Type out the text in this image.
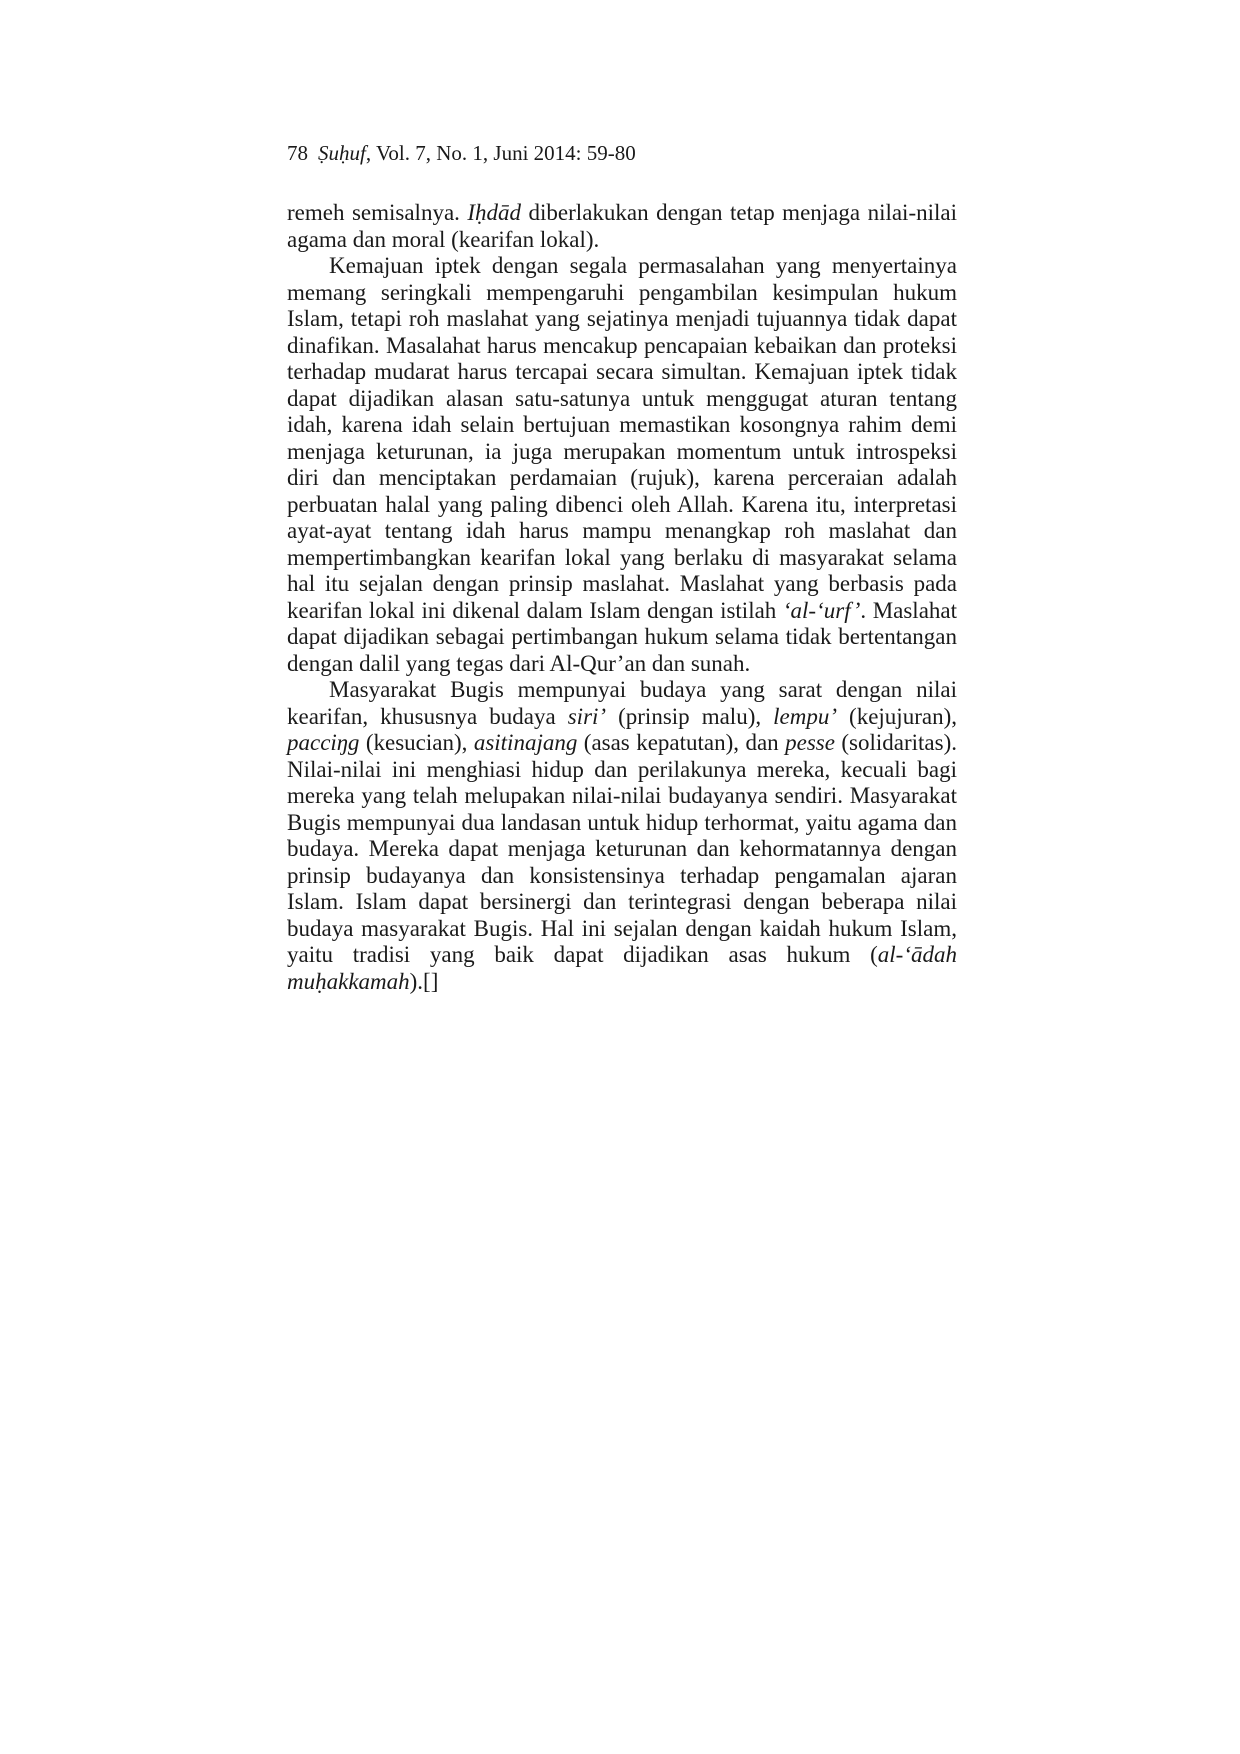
78 Ṣuḥuf, Vol. 7, No. 1, Juni 2014: 59-80

remeh semisalnya. Iḥdād diberlakukan dengan tetap menjaga nilai-nilai agama dan moral (kearifan lokal).

Kemajuan iptek dengan segala permasalahan yang menyertainya memang seringkali mempengaruhi pengambilan kesimpulan hukum Islam, tetapi roh maslahat yang sejatinya menjadi tujuannya tidak dapat dinafikan. Masalahat harus mencakup pencapaian kebaikan dan proteksi terhadap mudarat harus tercapai secara simultan. Kemajuan iptek tidak dapat dijadikan alasan satu-satunya untuk menggugat aturan tentang idah, karena idah selain bertujuan memastikan kosongnya rahim demi menjaga keturunan, ia juga merupakan momentum untuk introspeksi diri dan menciptakan perdamaian (rujuk), karena perceraian adalah perbuatan halal yang paling dibenci oleh Allah. Karena itu, interpretasi ayat-ayat tentang idah harus mampu menangkap roh maslahat dan mempertimbangkan kearifan lokal yang berlaku di masyarakat selama hal itu sejalan dengan prinsip maslahat. Maslahat yang berbasis pada kearifan lokal ini dikenal dalam Islam dengan istilah ‘al-‘urf’. Maslahat dapat dijadikan sebagai pertimbangan hukum selama tidak bertentangan dengan dalil yang tegas dari Al-Qur’an dan sunah.

Masyarakat Bugis mempunyai budaya yang sarat dengan nilai kearifan, khususnya budaya siri’ (prinsip malu), lempu’ (kejujuran), pacciŋg (kesucian), asitinajang (asas kepatutan), dan pesse (solidaritas). Nilai-nilai ini menghiasi hidup dan perilakunya mereka, kecuali bagi mereka yang telah melupakan nilai-nilai budayanya sendiri. Masyarakat Bugis mempunyai dua landasan untuk hidup terhormat, yaitu agama dan budaya. Mereka dapat menjaga keturunan dan kehormatannya dengan prinsip budayanya dan konsistensinya terhadap pengamalan ajaran Islam. Islam dapat bersinergi dan terintegrasi dengan beberapa nilai budaya masyarakat Bugis. Hal ini sejalan dengan kaidah hukum Islam, yaitu tradisi yang baik dapat dijadikan asas hukum (al-‘ādah muḥakkamah).[]
